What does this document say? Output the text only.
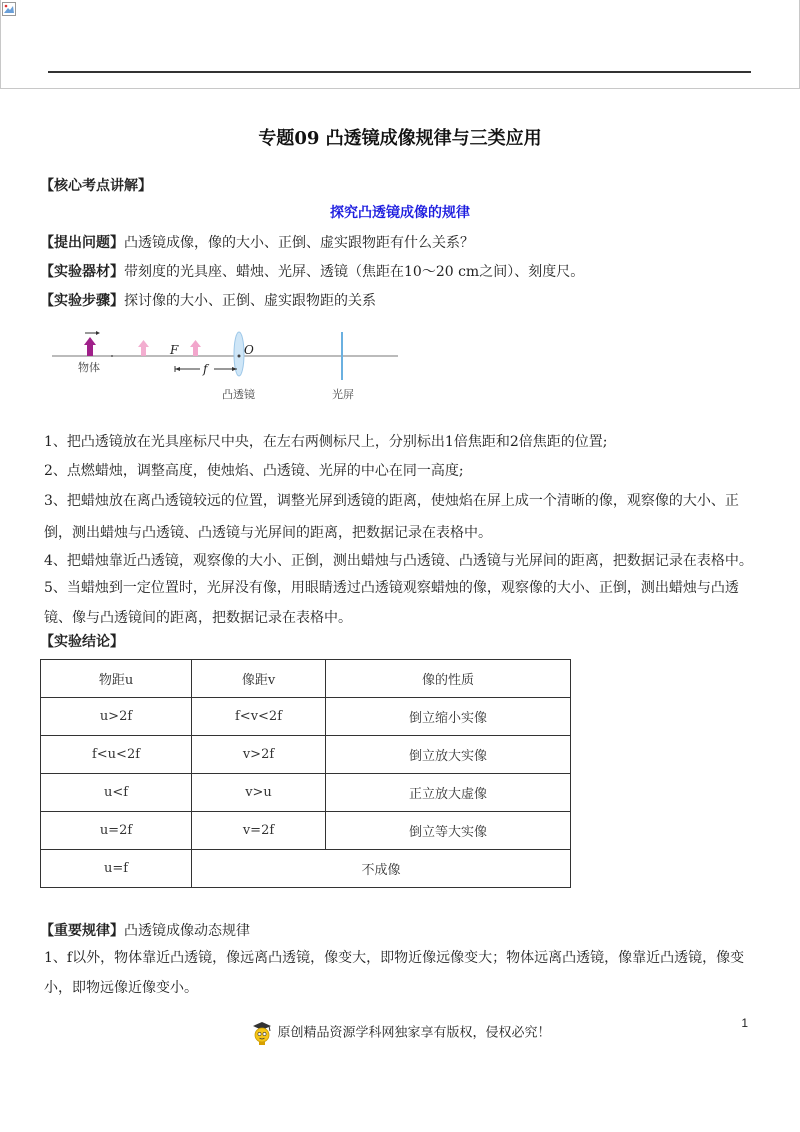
专题09 凸透镜成像规律与三类应用
【核心考点讲解】
探究凸透镜成像的规律
【提出问题】凸透镜成像，像的大小、正倒、虚实跟物距有什么关系？
【实验器材】带刻度的光具座、蜡烛、光屏、透镜（焦距在10～20 cm之间）、刻度尺。
【实验步骤】探讨像的大小、正倒、虚实跟物距的关系
物体
F	O
f
凸透镜	光屏
1、把凸透镜放在光具座标尺中央，在左右两侧标尺上，分别标出1倍焦距和2倍焦距的位置;
2、点燃蜡烛，调整高度，使烛焰、凸透镜、光屏的中心在同一高度;
3、把蜡烛放在离凸透镜较远的位置，调整光屏到透镜的距离，使烛焰在屏上成一个清晰的像，观察像的大小、正倒，测出蜡烛与凸透镜、凸透镜与光屏间的距离，把数据记录在表格中。
4、把蜡烛靠近凸透镜，观察像的大小、正倒，测出蜡烛与凸透镜、凸透镜与光屏间的距离，把数据记录在表格中。
5、当蜡烛到一定位置时，光屏没有像，用眼睛透过凸透镜观察蜡烛的像，观察像的大小、正倒，测出蜡烛与凸透镜、像与凸透镜间的距离，把数据记录在表格中。
【实验结论】
物距u	像距v	像的性质
u>2f	f<v<2f	倒立缩小实像
f<u<2f	v>2f	倒立放大实像
u<f	v>u	正立放大虚像
u=2f	v=2f	倒立等大实像
u=f	不成像	
【重要规律】凸透镜成像动态规律
1、f以外，物体靠近凸透镜，像远离凸透镜，像变大，即物近像远像变大；物体远离凸透镜，像靠近凸透镜，像变小，即物远像近像变小。
1
原创精品资源学科网独家享有版权，侵权必究！
